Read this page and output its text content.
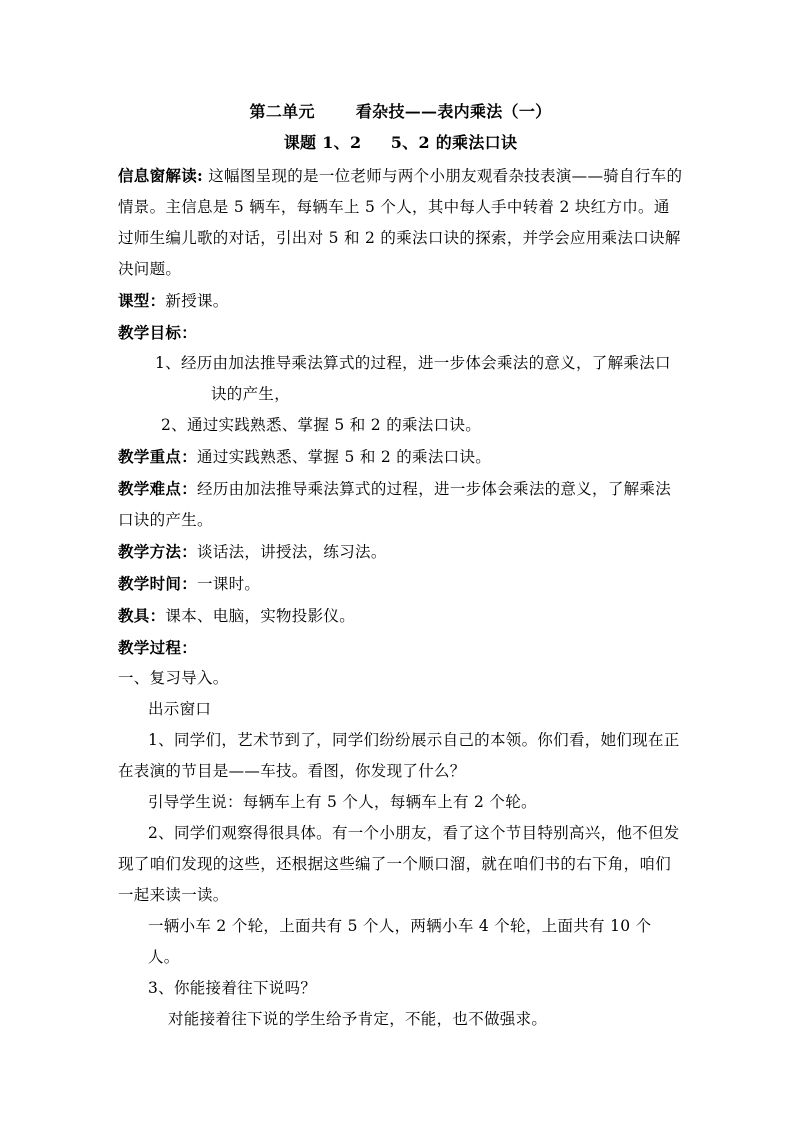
第二单元       看杂技——表内乘法（一）
课题 1、2     5、2 的乘法口诀

信息窗解读: 这幅图呈现的是一位老师与两个小朋友观看杂技表演——骑自行车的情景。主信息是 5 辆车，每辆车上 5 个人，其中每人手中转着 2 块红方巾。通过师生编儿歌的对话，引出对 5 和 2 的乘法口诀的探索，并学会应用乘法口诀解决问题。

课型：新授课。

教学目标：

1、经历由加法推导乘法算式的过程，进一步体会乘法的意义，了解乘法口

诀的产生，

2、通过实践熟悉、掌握 5 和 2 的乘法口诀。

教学重点：通过实践熟悉、掌握 5 和 2 的乘法口诀。

教学难点：经历由加法推导乘法算式的过程，进一步体会乘法的意义，了解乘法口诀的产生。

教学方法：谈话法，讲授法，练习法。

教学时间：一课时。

教具：课本、电脑，实物投影仪。

教学过程：

一、复习导入。

出示窗口

1、同学们，艺术节到了，同学们纷纷展示自己的本领。你们看，她们现在正在表演的节目是——车技。看图，你发现了什么？

引导学生说：每辆车上有 5 个人，每辆车上有 2 个轮。

2、同学们观察得很具体。有一个小朋友，看了这个节目特别高兴，他不但发现了咱们发现的这些，还根据这些编了一个顺口溜，就在咱们书的右下角，咱们一起来读一读。

一辆小车 2 个轮，上面共有 5 个人，两辆小车 4 个轮，上面共有 10 个人。

3、你能接着往下说吗？

对能接着往下说的学生给予肯定，不能，也不做强求。
